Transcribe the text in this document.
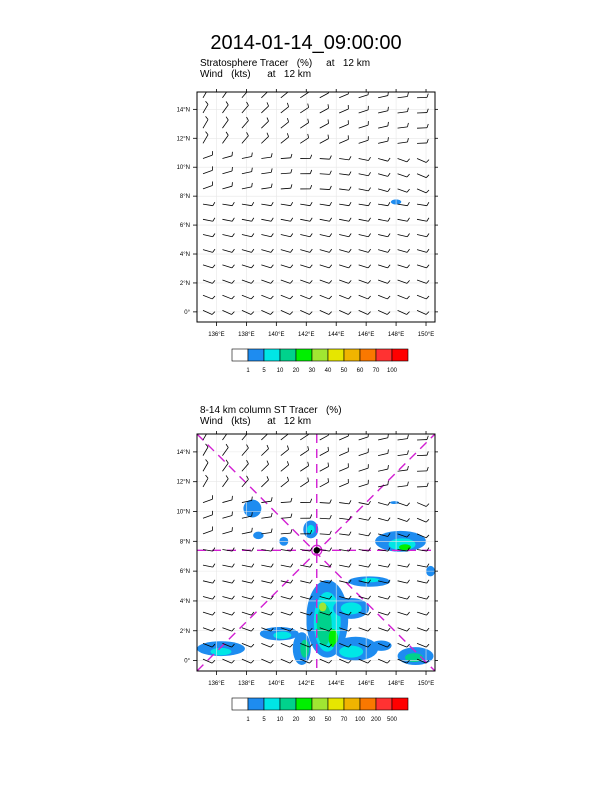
2014-01-14_09:00:00
Stratosphere Tracer   (%)     at   12 km
Wind   (kts)      at   12 km
8-14 km column ST Tracer   (%)
Wind   (kts)      at   12 km
136°E 138°E 140°E 142°E 144°E 146°E 148°E 150°E
0°
2°N
4°N
6°N
8°N
10°N
12°N
14°N
1 5 10 20 30 40 50 60 70 100
136°E 138°E 140°E 142°E 144°E 146°E 148°E 150°E
0°
2°N
4°N
6°N
8°N
10°N
12°N
14°N
1 5 10 20 30 50 70 100 200 500
